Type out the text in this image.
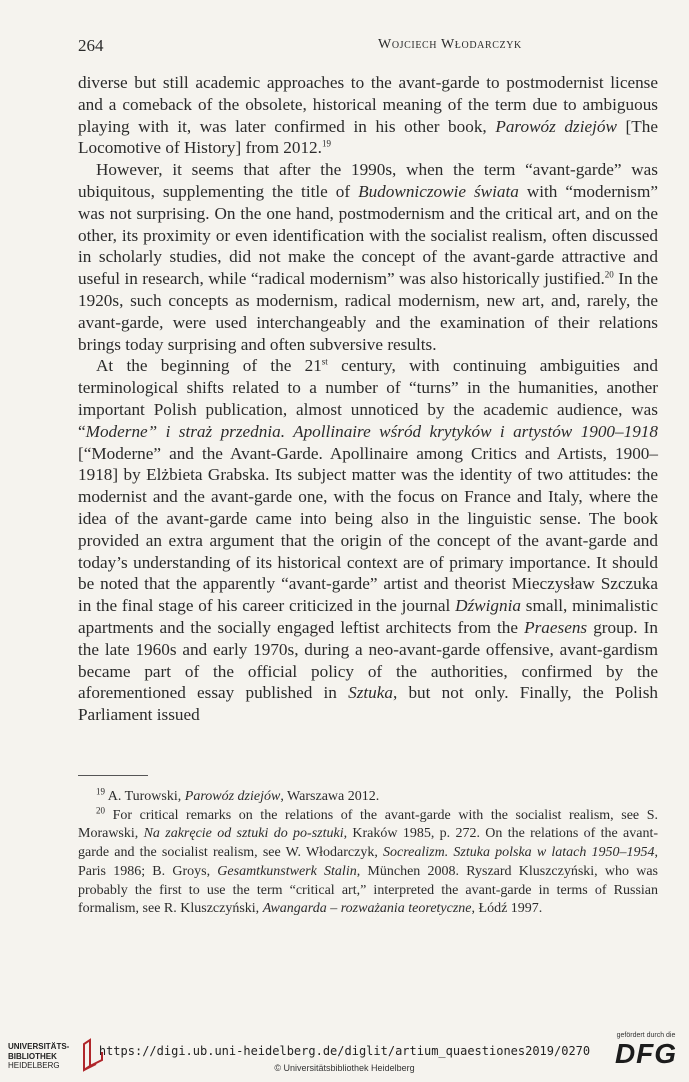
264	Wojciech Włodarczyk

diverse but still academic approaches to the avant-garde to postmodernist license and a comeback of the obsolete, historical meaning of the term due to ambiguous playing with it, was later confirmed in his other book, Parowóz dziejów [The Locomotive of History] from 2012.19

However, it seems that after the 1990s, when the term “avant-garde” was ubiquitous, supplementing the title of Budowniczowie świata with “modernism” was not surprising. On the one hand, postmodernism and the critical art, and on the other, its proximity or even identification with the socialist realism, often discussed in scholarly studies, did not make the concept of the avant-garde attractive and useful in research, while “radical modernism” was also historically justified.$^{20}$ In the 1920s, such concepts as modernism, radical modernism, new art, and, rarely, the avant-garde, were used interchangeably and the examination of their relations brings today surprising and often subversive results.

At the beginning of the 21st century, with continuing ambiguities and terminological shifts related to a number of “turns” in the humanities, another important Polish publication, almost unnoticed by the academic audience, was “Moderne” i straż przednia. Apollinaire wśród krytyków i artystów 1900–1918 [“Moderne” and the Avant-Garde. Apollinaire among Critics and Artists, 1900–1918] by Elżbieta Grabska. Its subject matter was the identity of two attitudes: the modernist and the avant-garde one, with the focus on France and Italy, where the idea of the avant-garde came into being also in the linguistic sense. The book provided an extra argument that the origin of the concept of the avant-garde and today’s understanding of its historical context are of primary importance. It should be noted that the apparently “avant-garde” artist and theorist Mieczysław Szczuka in the final stage of his career criticized in the journal Dźwignia small, minimalistic apartments and the socially engaged leftist architects from the Praesens group. In the late 1960s and early 1970s, during a neo-avant-garde offensive, avant-gardism became part of the official policy of the authorities, confirmed by the aforementioned essay published in Sztuka, but not only. Finally, the Polish Parliament issued

$^{19}$ A. Turowski, Parowóz dziejów, Warszawa 2012.

$^{20}$ For critical remarks on the relations of the avant-garde with the socialist realism, see S. Morawski, Na zakręcie od sztuki do po-sztuki, Kraków 1985, p. 272. On the relations of the avant-garde and the socialist realism, see W. Włodarczyk, Socrealizm. Sztuka polska w latach 1950–1954, Paris 1986; B. Groys, Gesamtkunstwerk Stalin, München 2008. Ryszard Kluszczyński, who was probably the first to use the term “critical art,” interpreted the avant-garde in terms of Russian formalism, see R. Kluszczyński, Awangarda – rozważania teoretyczne, Łódź 1997.

UNIVERSITÄTS-
BIBLIOTHEK
HEIDELBERG
https://digi.ub.uni-heidelberg.de/diglit/artium_quaestiones2019/0270
© Universitätsbibliothek Heidelberg
gefördert durch die
DFG
